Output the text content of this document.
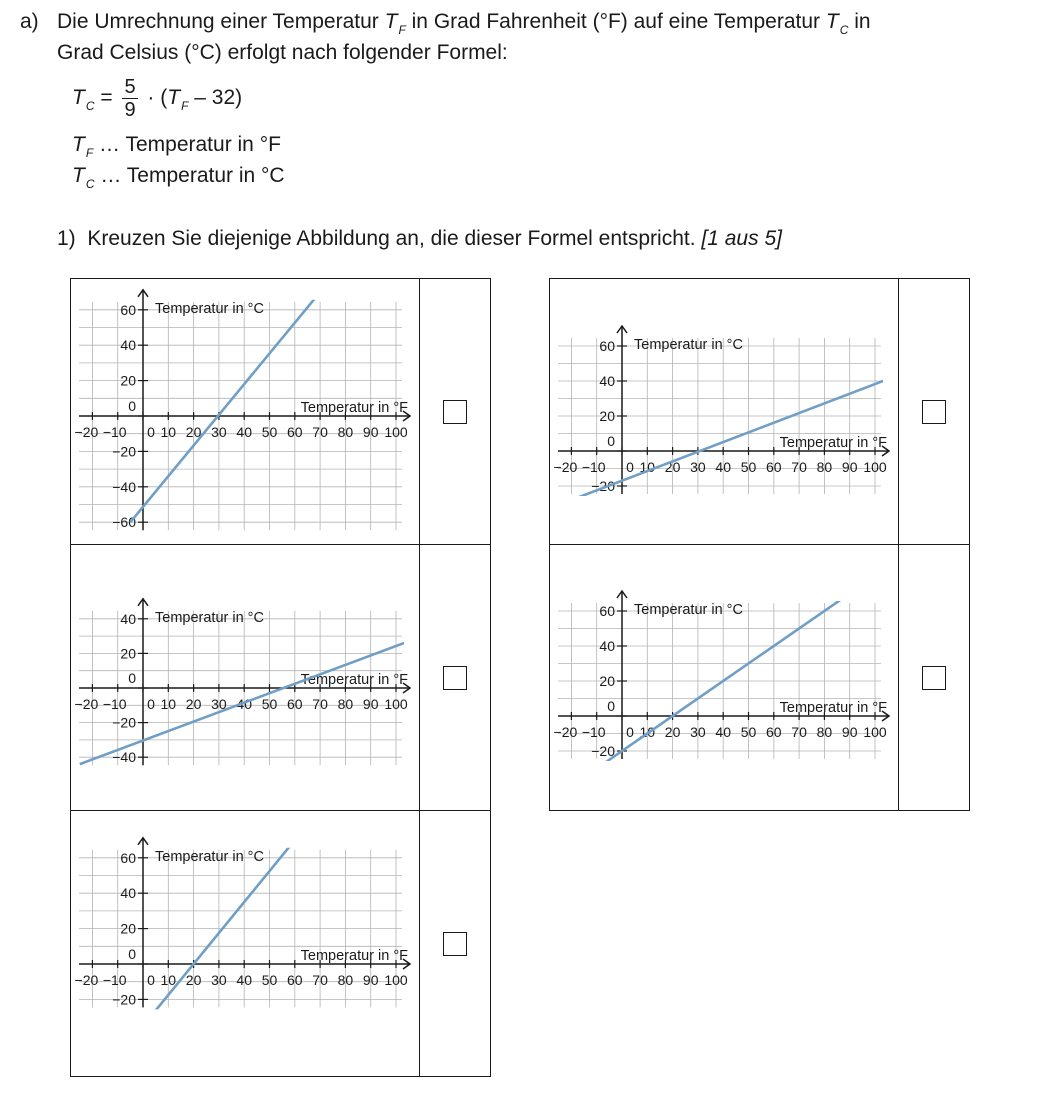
a) Die Umrechnung einer Temperatur $T_F$ in Grad Fahrenheit (°F) auf eine Temperatur $T_C$ in
Grad Celsius (°C) erfolgt nach folgender Formel:
$T_C = \frac{5}{9} \cdot (T_F - 32)$
$T_F$ … Temperatur in °F
$T_C$ … Temperatur in °C
1) Kreuzen Sie diejenige Abbildung an, die dieser Formel entspricht. [1 aus 5]
−20 −10 0 10 20 30 40 50 60 70 80 90 100
−60
−40
−20
0
20
40
60 Temperatur in °C
Temperatur in °F
−20 −10 0 10 20 30 40 50 60 70 80 90 100
−40
−20
0
20
40 Temperatur in °C
Temperatur in °F
−20 −10 0 10 20 30 40 50 60 70 80 90 100
−20
0
20
40
60 Temperatur in °C
Temperatur in °F
−20 −10 0 10 20 30 40 50 60 70 80 90 100
−20
0
20
40
60 Temperatur in °C
Temperatur in °F
−20 −10 0 10 20 30 40 50 60 70 80 90 100
−20
0
20
40
60 Temperatur in °C
Temperatur in °F
